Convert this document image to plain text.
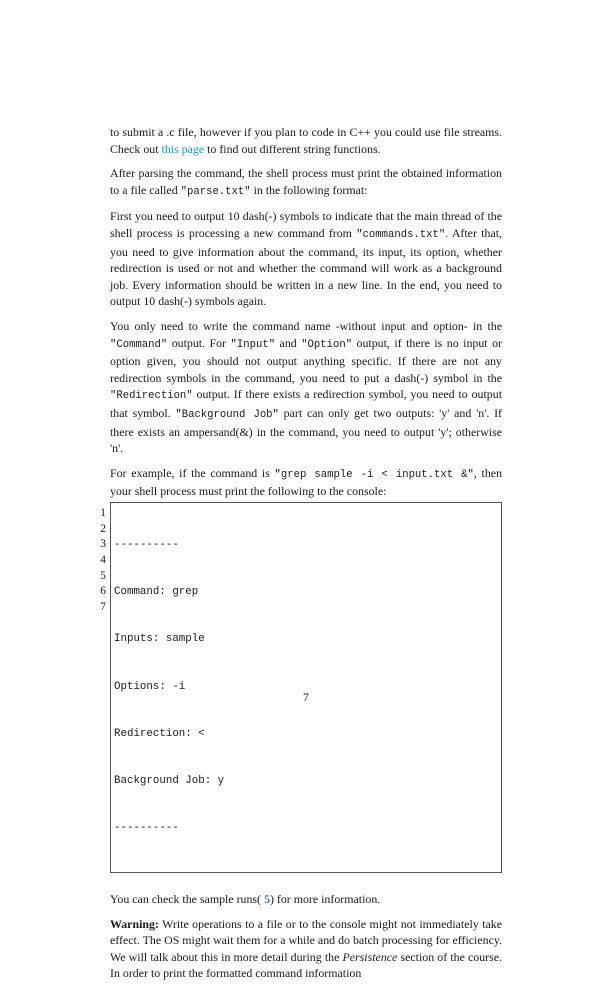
to submit a .c file, however if you plan to code in C++ you could use file streams. Check out this page to find out different string functions.

After parsing the command, the shell process must print the obtained information to a file called "parse.txt" in the following format:

First you need to output 10 dash(-) symbols to indicate that the main thread of the shell process is processing a new command from "commands.txt". After that, you need to give information about the command, its input, its option, whether redirection is used or not and whether the command will work as a background job. Every information should be written in a new line. In the end, you need to output 10 dash(-) symbols again.

You only need to write the command name -without input and option- in the "Command" output. For "Input" and "Option" output, if there is no input or option given, you should not output anything specific. If there are not any redirection symbols in the command, you need to put a dash(-) symbol in the "Redirection" output. If there exists a redirection symbol, you need to output that symbol. "Background Job" part can only get two outputs: 'y' and 'n'. If there exists an ampersand(&) in the command, you need to output 'y'; otherwise 'n'.

For example, if the command is "grep sample -i < input.txt &", then your shell process must print the following to the console:

1
2
3
4
5
6
7

----------

Command: grep

Inputs: sample

Options: -i

Redirection: <

Background Job: y

----------

You can check the sample runs( 5) for more information.

Warning: Write operations to a file or to the console might not immediately take effect. The OS might wait them for a while and do batch processing for efficiency. We will talk about this in more detail during the Persistence section of the course. In order to print the formatted command information

7
